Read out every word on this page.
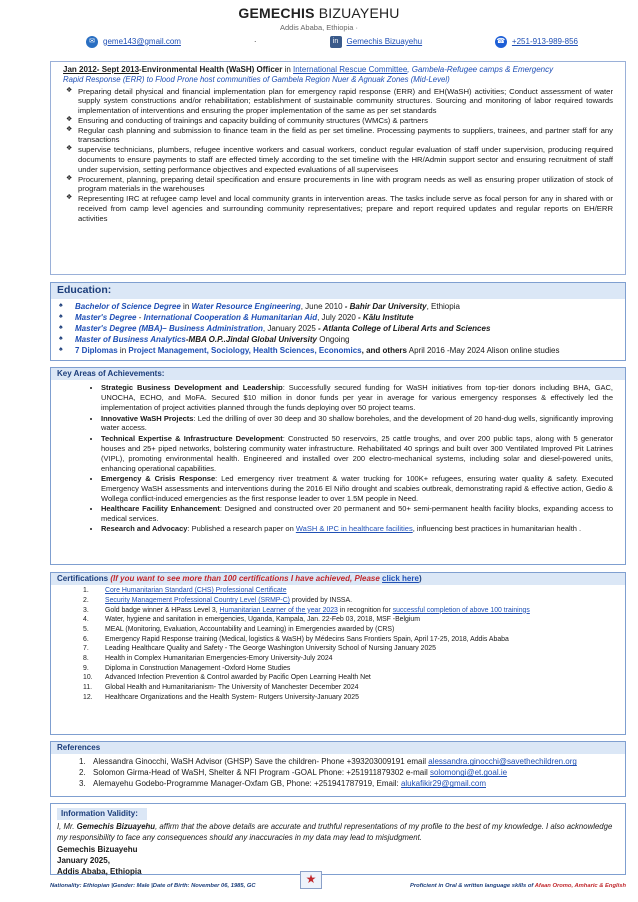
GEMECHIS BIZUAYEHU
Addis Ababa, Ethiopia ·
✉	geme143@gmail.com	·	in	Gemechis Bizuayehu	☎ +251-913-989-856
Jan 2012- Sept 2013-Environmental Health (WaSH) Officer in International Rescue Committee, Gambela-Refugee camps & Emergency
Rapid Response (ERR) to Flood Prone host communities of Gambela Region Nuer & Agnuak Zones (Mid-Level)
❖ Preparing detail physical and financial implementation plan for emergency rapid response (ERR) and EH(WaSH) activities; Conduct assessment of water supply system constructions and/or rehabilitation; establishment of sustainable community structures. Sourcing and monitoring of labor required towards implementation of interventions and ensuring the proper implementation of the same as per set standards
❖ Ensuring and conducting of trainings and capacity building of community structures (WMCs) & partners
❖ Regular cash planning and submission to finance team in the field as per set timeline. Processing payments to suppliers, trainees, and partner staff for any transactions
❖ supervise technicians, plumbers, refugee incentive workers and casual workers, conduct regular evaluation of staff under supervision, producing required documents to ensure payments to staff are effected timely according to the set timeline with the HR/Admin support sector and ensuring recruitment of staff under supervision, setting performance objectives and expected evaluations of all supervisees
❖ Procurement, planning, preparing detail specification and ensure procurements in line with program needs as well as ensuring proper utilization of stock of program materials in the warehouses
❖ Representing IRC at refugee camp level and local community grants in intervention areas. The tasks include serve as focal person for any in shared with or received from camp level agencies and surrounding community representatives; prepare and report required updates and regular reports on EH/ERR activities
Education:
♠ Bachelor of Science Degree in Water Resource Engineering, June 2010 - Bahir Dar University, Ethiopia
♠ Master's Degree - International Cooperation & Humanitarian Aid, July 2020 - Kālu Institute
♠ Master's Degree (MBA)– Business Administration, January 2025 - Atlanta College of Liberal Arts and Sciences
♠ Master of Business Analytics-MBA O.P..Jindal Global University Ongoing
♠ 7 Diplomas in Project Management, Sociology, Health Sciences, Economics, and others April 2016 -May 2024 Alison online studies
Key Areas of Achievements:
• Strategic Business Development and Leadership: Successfully secured funding for WaSH initiatives from top-tier donors including BHA, GAC, UNOCHA, ECHO, and MoFA. Secured $10 million in donor funds per year in average for various emergency responses & effectively led the implementation of project activities planned through the funds deploying over 50 project teams.
• Innovative WaSH Projects: Led the drilling of over 30 deep and 30 shallow boreholes, and the development of 20 hand-dug wells, significantly improving water access.
• Technical Expertise & Infrastructure Development: Constructed 50 reservoirs, 25 cattle troughs, and over 200 public taps, along with 5 generator houses and 25+ piped networks, bolstering community water infrastructure. Rehabilitated 40 springs and built over 300 Ventilated Improved Pit Latrines (VIPL), promoting environmental health. Engineered and installed over 200 electro-mechanical systems, including solar and diesel-powered units, enhancing operational capabilities.
• Emergency & Crisis Response: Led emergency river treatment & water trucking for 100K+ refugees, ensuring water quality & safety. Executed Emergency WaSH assessments and interventions during the 2016 El Niño drought and scabies outbreak, demonstrating rapid & effective action, Gedio & Wollega conflict-induced emergencies as the first response leader to over 1.5M people in Need.
• Healthcare Facility Enhancement: Designed and constructed over 20 permanent and 50+ semi-permanent health facility blocks, expanding access to medical services.
• Research and Advocacy: Published a research paper on WaSH & IPC in healthcare facilities, influencing best practices in humanitarian health .
Certifications (If you want to see more than 100 certifications I have achieved, Please click here)
1. Core Humanitarian Standard (CHS) Professional Certificate
2. Security Management Professional Country Level (SRMP-C) provided by INSSA.
3. Gold badge winner & HPass Level 3, Humanitarian Learner of the year 2023 in recognition for successful completion of above 100 trainings
4. Water, hygiene and sanitation in emergencies, Uganda, Kampala, Jan. 22-Feb 03, 2018, MSF -Belgium
5. MEAL (Monitoring, Evaluation, Accountability and Learning) in Emergencies awarded by (CRS)
6. Emergency Rapid Response training (Medical, logistics & WaSH) by Médecins Sans Frontiers Spain, April 17-25, 2018, Addis Ababa
7. Leading Healthcare Quality and Safety - The George Washington University School of Nursing January 2025
8. Health in Complex Humanitarian Emergencies-Emory University-July 2024
9. Diploma in Construction Management -Oxford Home Studies
10. Advanced Infection Prevention & Control awarded by Pacific Open Learning Health Net
11. Global Health and Humanitarianism- The University of Manchester December 2024
12. Healthcare Organizations and the Health System- Rutgers University-January 2025
References
1. Alessandra Ginocchi, WaSH Advisor (GHSP) Save the children- Phone +393203009191 email alessandra.ginocchi@savethechildren.org
2. Solomon Girma-Head of WaSH, Shelter & NFI Program -GOAL Phone: +251911879302 e-mail solomongi@et.goal.ie
3. Alemayehu Godebo-Programme Manager-Oxfam GB, Phone: +251941787919, Email: alukafikir29@gmail.com
Information Validity:
I, Mr. Gemechis Bizuayehu, affirm that the above details are accurate and truthful representations of my profile to the best of my knowledge. I also acknowledge my responsibility to face any consequences should any inaccuracies in my data may lead to misjudgment.
Gemechis Bizuayehu
January 2025,
Addis Ababa, Ethiopia
★
Nationality: Ethiopian |Gender: Male |Date of Birth: November 06, 1985, GC	Proficient in Oral & written language skills of Afaan Oromo, Amharic & English
